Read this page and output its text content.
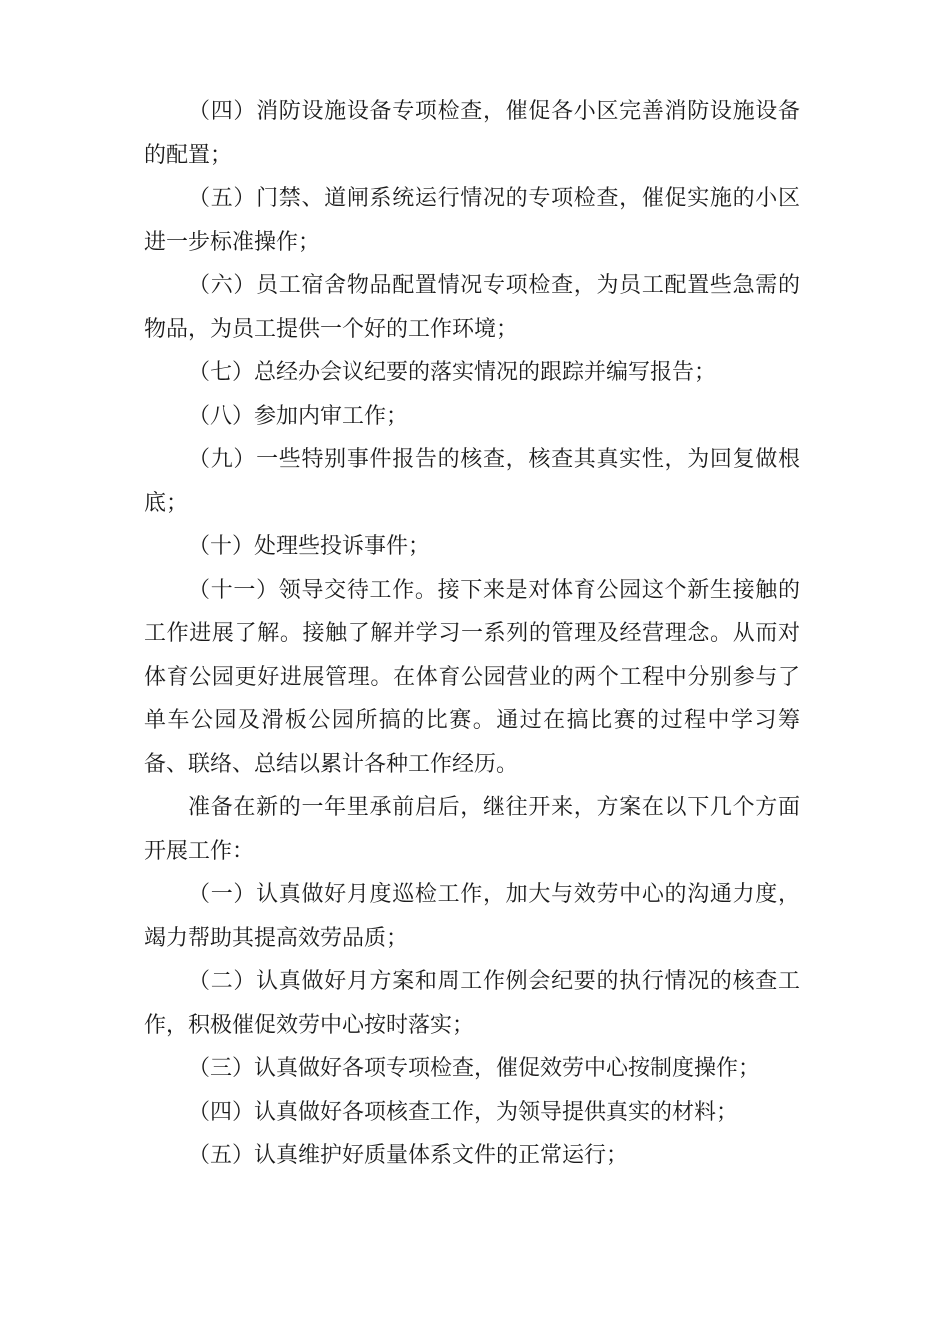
（四）消防设施设备专项检查，催促各小区完善消防设施设备的配置；

（五）门禁、道闸系统运行情况的专项检查，催促实施的小区进一步标准操作；

（六）员工宿舍物品配置情况专项检查，为员工配置些急需的物品，为员工提供一个好的工作环境；

（七）总经办会议纪要的落实情况的跟踪并编写报告；

（八）参加内审工作；

（九）一些特别事件报告的核查，核查其真实性，为回复做根底；

（十）处理些投诉事件；

（十一）领导交待工作。接下来是对体育公园这个新生接触的工作进展了解。接触了解并学习一系列的管理及经营理念。从而对体育公园更好进展管理。在体育公园营业的两个工程中分别参与了单车公园及滑板公园所搞的比赛。通过在搞比赛的过程中学习筹备、联络、总结以累计各种工作经历。

准备在新的一年里承前启后，继往开来，方案在以下几个方面开展工作：

（一）认真做好月度巡检工作，加大与效劳中心的沟通力度，竭力帮助其提高效劳品质；

（二）认真做好月方案和周工作例会纪要的执行情况的核查工作，积极催促效劳中心按时落实；

（三）认真做好各项专项检查，催促效劳中心按制度操作；

（四）认真做好各项核查工作，为领导提供真实的材料；

（五）认真维护好质量体系文件的正常运行；
